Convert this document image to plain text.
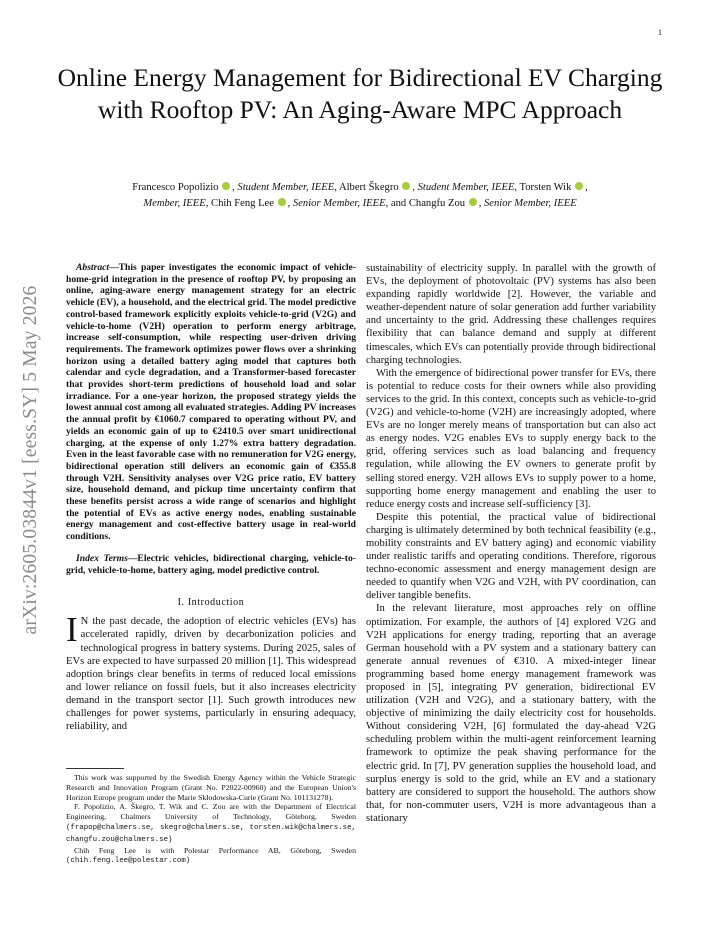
1
arXiv:2605.03844v1 [eess.SY] 5 May 2026
Online Energy Management for Bidirectional EV Charging with Rooftop PV: An Aging-Aware MPC Approach
Francesco Popolizio , Student Member, IEEE, Albert Škegro , Student Member, IEEE, Torsten Wik ,
Member, IEEE, Chih Feng Lee , Senior Member, IEEE, and Changfu Zou , Senior Member, IEEE

Abstract—This paper investigates the economic impact of vehicle-home-grid integration in the presence of rooftop PV, by proposing an online, aging-aware energy management strategy for an electric vehicle (EV), a household, and the electrical grid. The model predictive control-based framework explicitly exploits vehicle-to-grid (V2G) and vehicle-to-home (V2H) operation to perform energy arbitrage, increase self-consumption, while respecting user-driven driving requirements. The framework optimizes power flows over a shrinking horizon using a detailed battery aging model that captures both calendar and cycle degradation, and a Transformer-based forecaster that provides short-term predictions of household load and solar irradiance. For a one-year horizon, the proposed strategy yields the lowest annual cost among all evaluated strategies. Adding PV increases the annual profit by €1060.7 compared to operating without PV, and yields an economic gain of up to €2410.5 over smart unidirectional charging, at the expense of only 1.27% extra battery degradation. Even in the least favorable case with no remuneration for V2G energy, bidirectional operation still delivers an economic gain of €355.8 through V2H. Sensitivity analyses over V2G price ratio, EV battery size, household demand, and pickup time uncertainty confirm that these benefits persist across a wide range of scenarios and highlight the potential of EVs as active energy nodes, enabling sustainable energy management and cost-effective battery usage in real-world conditions.

Index Terms—Electric vehicles, bidirectional charging, vehicle-to-grid, vehicle-to-home, battery aging, model predictive control.

I. Introduction

I N the past decade, the adoption of electric vehicles (EVs) has accelerated rapidly, driven by decarbonization policies and technological progress in battery systems. During 2025, sales of EVs are expected to have surpassed 20 million [1]. This widespread adoption brings clear benefits in terms of reduced local emissions and lower reliance on fossil fuels, but it also increases electricity demand in the transport sector [1]. Such growth introduces new challenges for power systems, particularly in ensuring adequacy, reliability, and

This work was supported by the Swedish Energy Agency within the Vehicle Strategic Research and Innovation Program (Grant No. P2022-00960) and the European Union's Horizon Europe program under the Marie Skłodowska-Curie (Grant No. 101131278).

F. Popolizio, A. Škegro, T. Wik and C. Zou are with the Department of Electrical Engineering, Chalmers University of Technology, Göteborg, Sweden (frapop@chalmers.se, skegro@chalmers.se, torsten.wik@chalmers.se, changfu.zou@chalmers.se)

Chih Feng Lee is with Polestar Performance AB, Göteborg, Sweden (chih.feng.lee@polestar.com)

sustainability of electricity supply. In parallel with the growth of EVs, the deployment of photovoltaic (PV) systems has also been expanding rapidly worldwide [2]. However, the variable and weather-dependent nature of solar generation add further variability and uncertainty to the grid. Addressing these challenges requires flexibility that can balance demand and supply at different timescales, which EVs can potentially provide through bidirectional charging technologies.

With the emergence of bidirectional power transfer for EVs, there is potential to reduce costs for their owners while also providing services to the grid. In this context, concepts such as vehicle-to-grid (V2G) and vehicle-to-home (V2H) are increasingly adopted, where EVs are no longer merely means of transportation but can also act as energy nodes. V2G enables EVs to supply energy back to the grid, offering services such as load balancing and frequency regulation, while allowing the EV owners to generate profit by selling stored energy. V2H allows EVs to supply power to a home, supporting home energy management and enabling the user to reduce energy costs and increase self-sufficiency [3].

Despite this potential, the practical value of bidirectional charging is ultimately determined by both technical feasibility (e.g., mobility constraints and EV battery aging) and economic viability under realistic tariffs and operating conditions. Therefore, rigorous techno-economic assessment and energy management design are needed to quantify when V2G and V2H, with PV coordination, can deliver tangible benefits.

In the relevant literature, most approaches rely on offline optimization. For example, the authors of [4] explored V2G and V2H applications for energy trading, reporting that an average German household with a PV system and a stationary battery can generate annual revenues of €310. A mixed-integer linear programming based home energy management framework was proposed in [5], integrating PV generation, bidirectional EV utilization (V2H and V2G), and a stationary battery, with the objective of minimizing the daily electricity cost for households. Without considering V2H, [6] formulated the day-ahead V2G scheduling problem within the multi-agent reinforcement learning framework to optimize the peak shaving performance for the electric grid. In [7], PV generation supplies the household load, and surplus energy is sold to the grid, while an EV and a stationary battery are considered to support the household. The authors show that, for non-commuter users, V2H is more advantageous than a stationary
